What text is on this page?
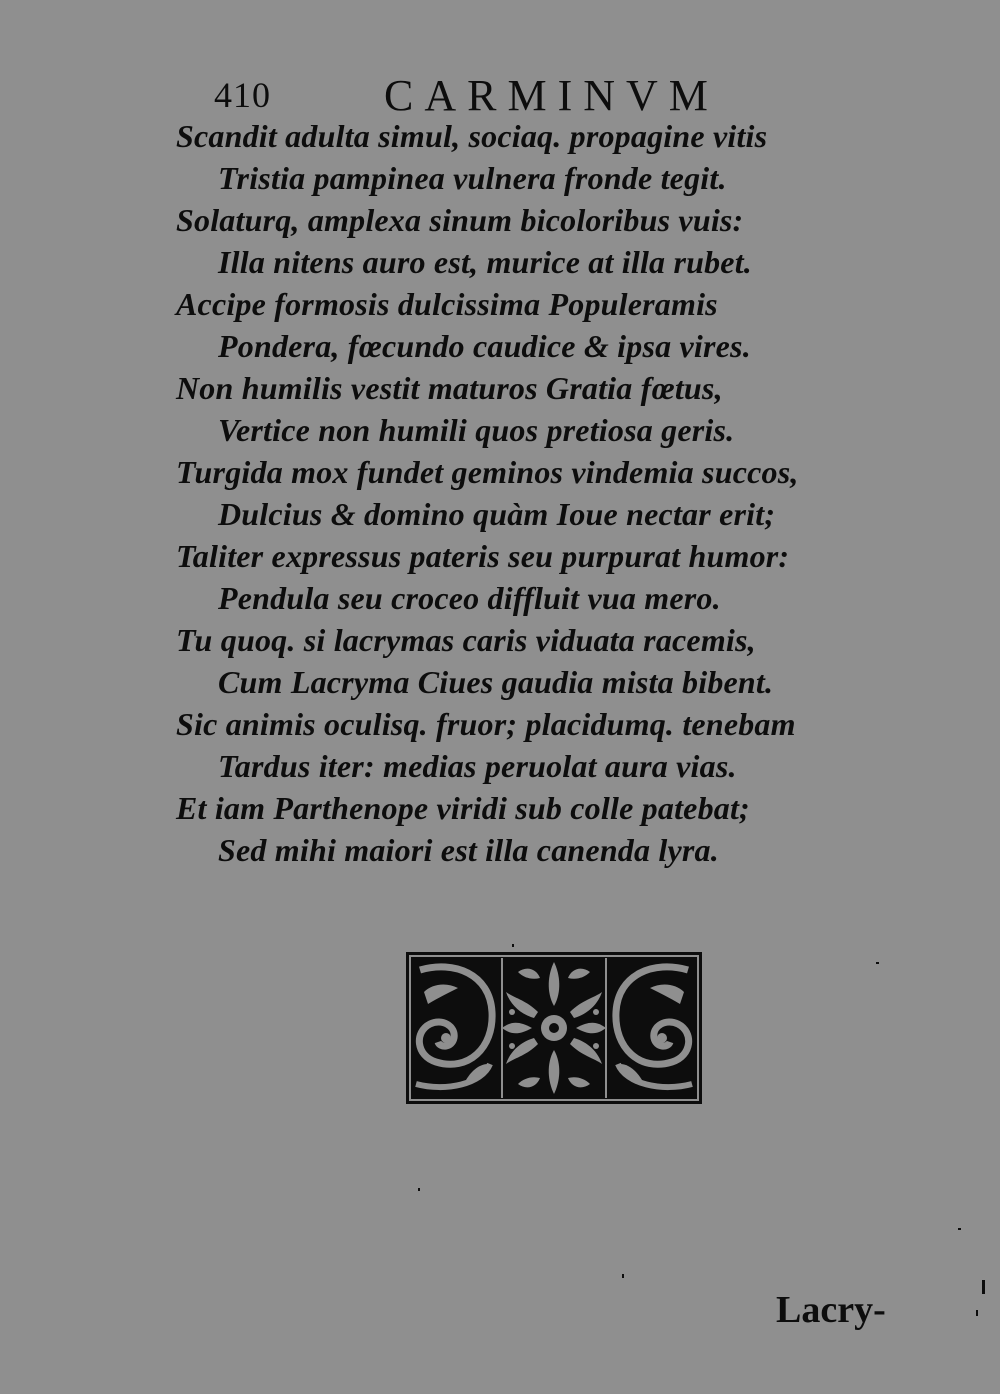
410	CARMINVM
Scandit adulta simul, sociaq. propagine vitis
Tristia pampinea vulnera fronde tegit.
Solaturq, amplexa sinum bicoloribus vuis:
Illa nitens auro est, murice at illa rubet.
Accipe formosis dulcissima Populeramis
Pondera, fœcundo caudice & ipsa vires.
Non humilis vestit maturos Gratia fœtus,
Vertice non humili quos pretiosa geris.
Turgida mox fundet geminos vindemia succos,
Dulcius & domino quàm Ioue nectar erit;
Taliter expressus pateris seu purpurat humor:
Pendula seu croceo diffluit vua mero.
Tu quoq. si lacrymas caris viduata racemis,
Cum Lacryma Ciues gaudia mista bibent.
Sic animis oculisq. fruor; placidumq. tenebam
Tardus iter: medias peruolat aura vias.
Et iam Parthenope viridi sub colle patebat;
Sed mihi maiori est illa canenda lyra.
Lacry-
